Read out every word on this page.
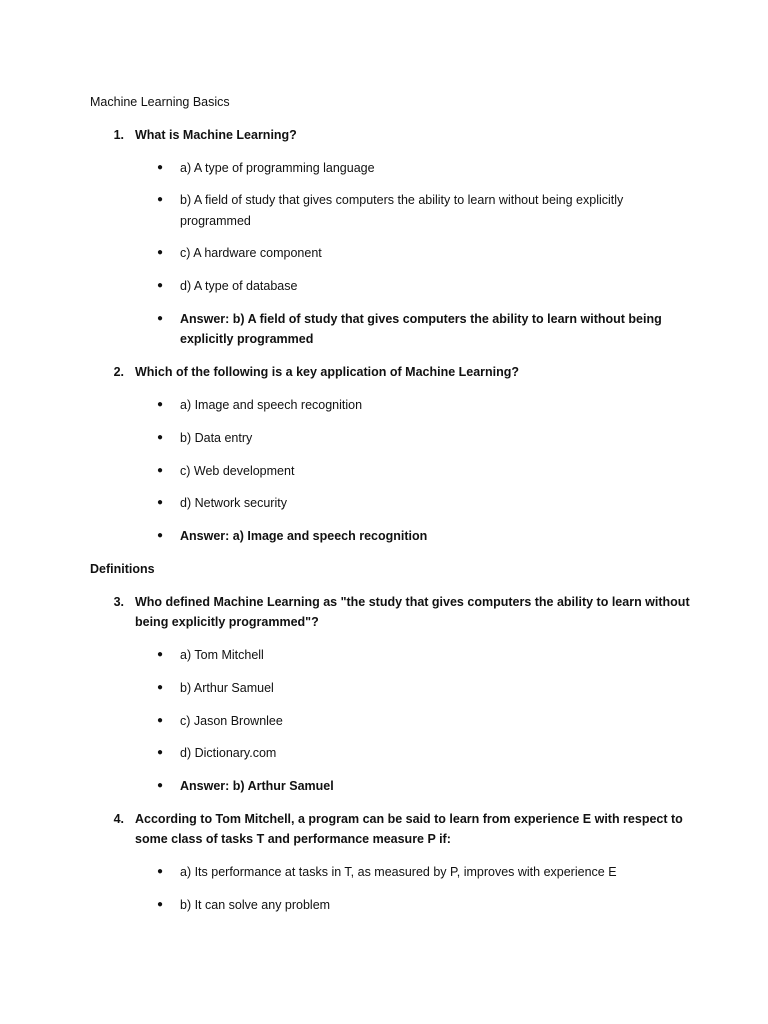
Machine Learning Basics
1. What is Machine Learning?
● a) A type of programming language
● b) A field of study that gives computers the ability to learn without being explicitly
programmed
● c) A hardware component
● d) A type of database
● Answer: b) A field of study that gives computers the ability to learn without being
explicitly programmed
2. Which of the following is a key application of Machine Learning?
● a) Image and speech recognition
● b) Data entry
● c) Web development
● d) Network security
● Answer: a) Image and speech recognition
Definitions
3. Who defined Machine Learning as "the study that gives computers the ability to learn without
being explicitly programmed"?
● a) Tom Mitchell
● b) Arthur Samuel
● c) Jason Brownlee
● d) Dictionary.com
● Answer: b) Arthur Samuel
4. According to Tom Mitchell, a program can be said to learn from experience E with respect to
some class of tasks T and performance measure P if:
● a) Its performance at tasks in T, as measured by P, improves with experience E
● b) It can solve any problem
